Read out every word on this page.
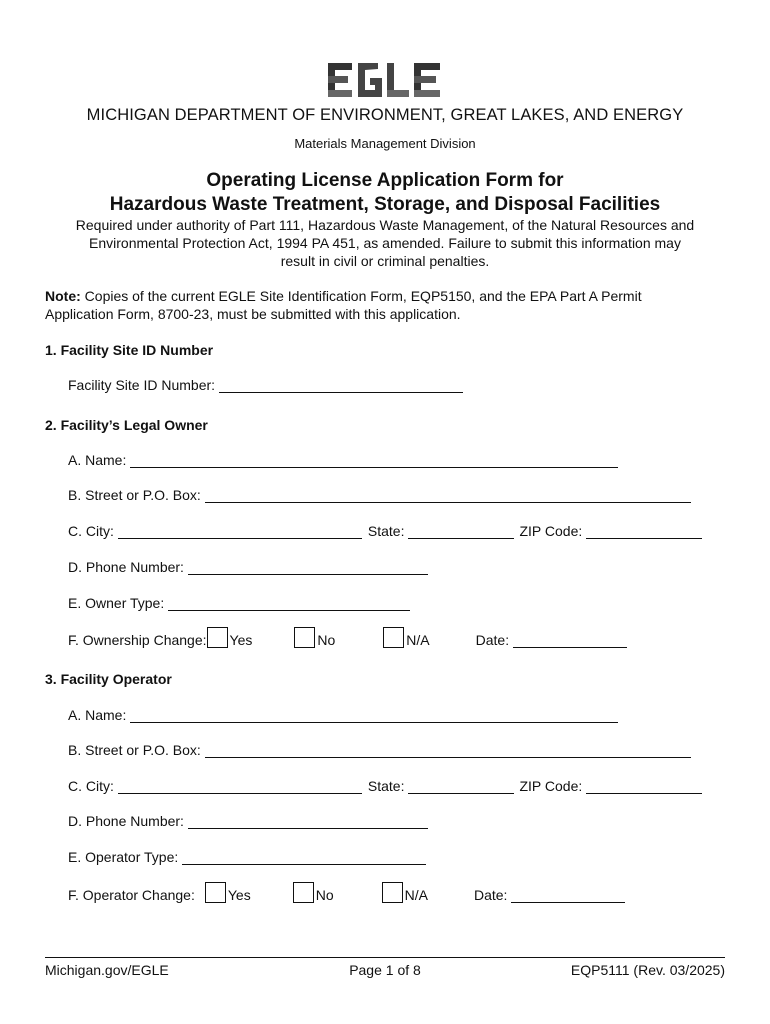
MICHIGAN DEPARTMENT OF ENVIRONMENT, GREAT LAKES, AND ENERGY
Materials Management Division
Operating License Application Form for
Hazardous Waste Treatment, Storage, and Disposal Facilities
Required under authority of Part 111, Hazardous Waste Management, of the Natural Resources and
Environmental Protection Act, 1994 PA 451, as amended. Failure to submit this information may
result in civil or criminal penalties.
Note: Copies of the current EGLE Site Identification Form, EQP5150, and the EPA Part A Permit
Application Form, 8700-23, must be submitted with this application.
1. Facility Site ID Number
Facility Site ID Number:
2. Facility’s Legal Owner
A. Name:
B. Street or P.O. Box:
C. City:	State:	ZIP Code:
D. Phone Number:
E. Owner Type:
F. Ownership Change: Yes	No	N/A	Date:
3. Facility Operator
A. Name:
B. Street or P.O. Box:
C. City:	State:	ZIP Code:
D. Phone Number:
E. Operator Type:
F. Operator Change: Yes	No	N/A	Date:
Michigan.gov/EGLE	Page 1 of 8	EQP5111 (Rev. 03/2025)
